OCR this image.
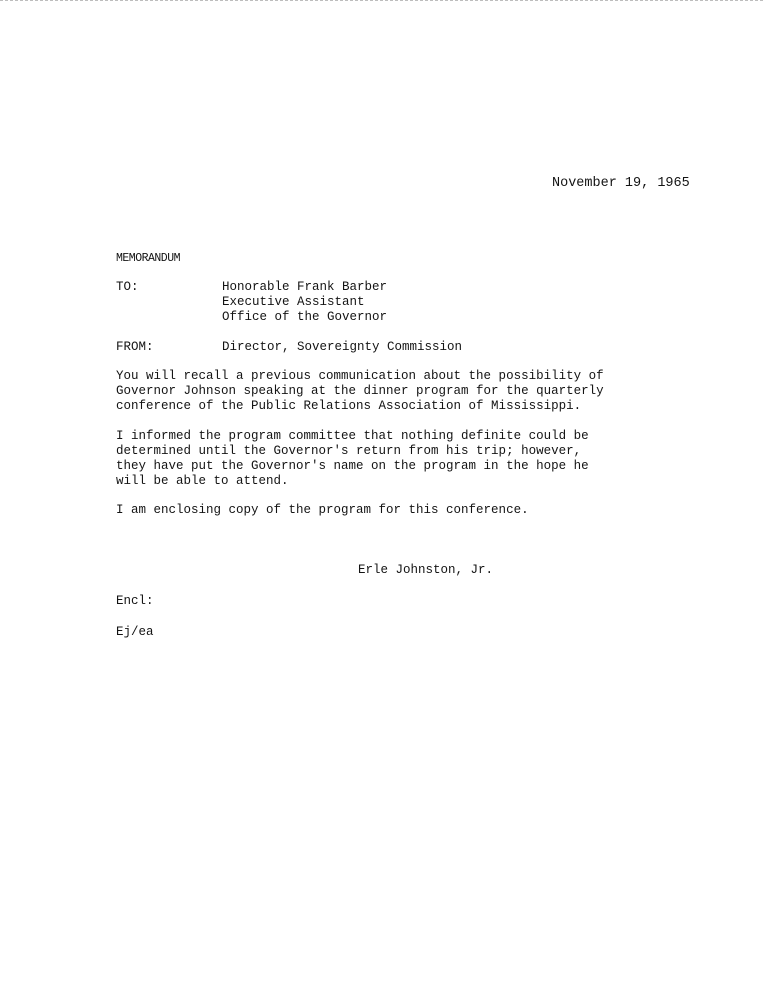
November 19, 1965
MEMORANDUM
TO:	Honorable Frank Barber
Executive Assistant
Office of the Governor
FROM:	Director, Sovereignty Commission
You will recall a previous communication about the possibility of
Governor Johnson speaking at the dinner program for the quarterly
conference of the Public Relations Association of Mississippi.
I informed the program committee that nothing definite could be
determined until the Governor's return from his trip; however,
they have put the Governor's name on the program in the hope he
will be able to attend.
I am enclosing copy of the program for this conference.
Erle Johnston, Jr.
Encl:
Ej/ea
